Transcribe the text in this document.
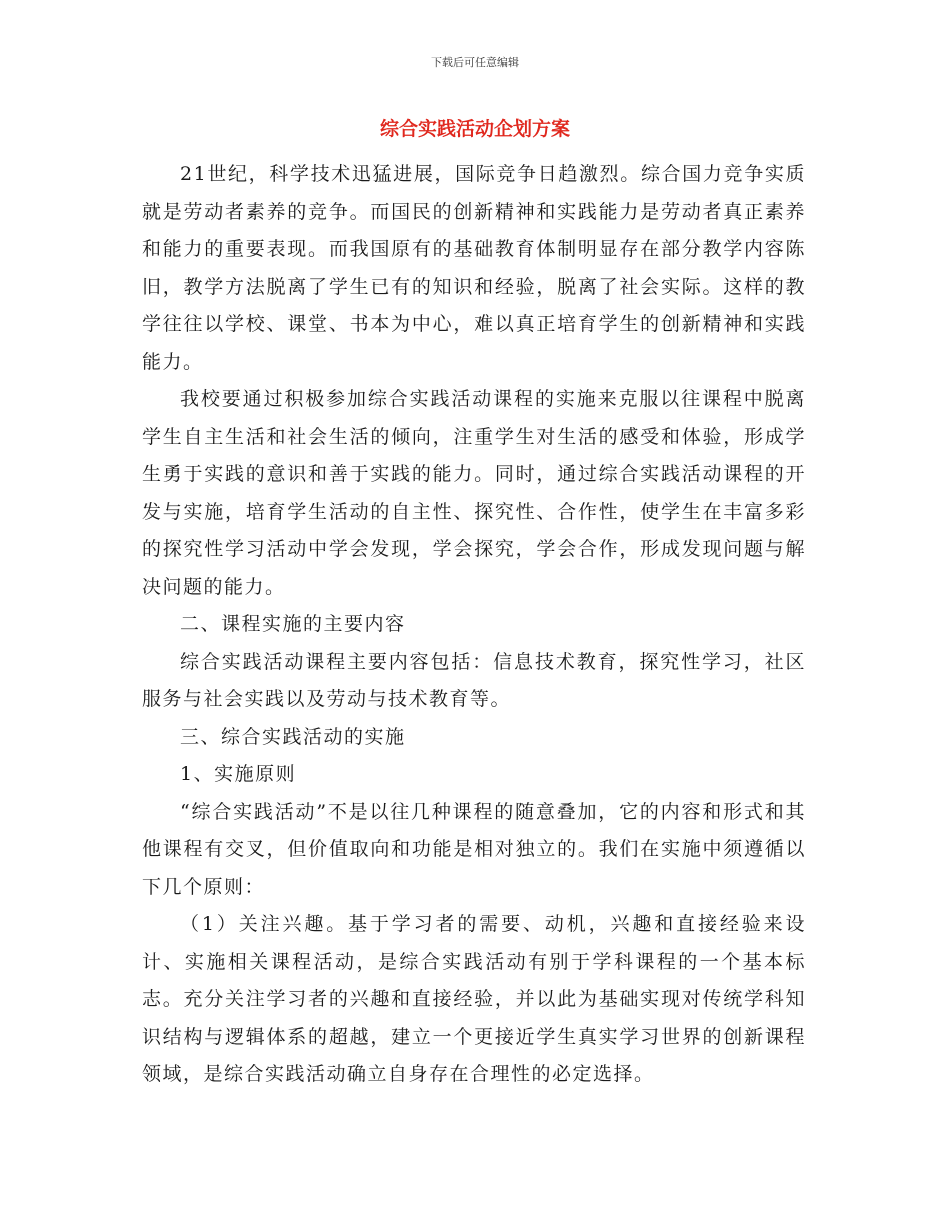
下载后可任意编辑
综合实践活动企划方案

21世纪，科学技术迅猛进展，国际竞争日趋激烈。综合国力竞争实质就是劳动者素养的竞争。而国民的创新精神和实践能力是劳动者真正素养和能力的重要表现。而我国原有的基础教育体制明显存在部分教学内容陈旧，教学方法脱离了学生已有的知识和经验，脱离了社会实际。这样的教学往往以学校、课堂、书本为中心，难以真正培育学生的创新精神和实践能力。

我校要通过积极参加综合实践活动课程的实施来克服以往课程中脱离学生自主生活和社会生活的倾向，注重学生对生活的感受和体验，形成学生勇于实践的意识和善于实践的能力。同时，通过综合实践活动课程的开发与实施，培育学生活动的自主性、探究性、合作性，使学生在丰富多彩的探究性学习活动中学会发现，学会探究，学会合作，形成发现问题与解决问题的能力。

二、课程实施的主要内容

综合实践活动课程主要内容包括：信息技术教育，探究性学习，社区服务与社会实践以及劳动与技术教育等。

三、综合实践活动的实施

1、实施原则

“综合实践活动”不是以往几种课程的随意叠加，它的内容和形式和其他课程有交叉，但价值取向和功能是相对独立的。我们在实施中须遵循以下几个原则：

（1）关注兴趣。基于学习者的需要、动机，兴趣和直接经验来设计、实施相关课程活动，是综合实践活动有别于学科课程的一个基本标志。充分关注学习者的兴趣和直接经验，并以此为基础实现对传统学科知识结构与逻辑体系的超越，建立一个更接近学生真实学习世界的创新课程领域，是综合实践活动确立自身存在合理性的必定选择。
